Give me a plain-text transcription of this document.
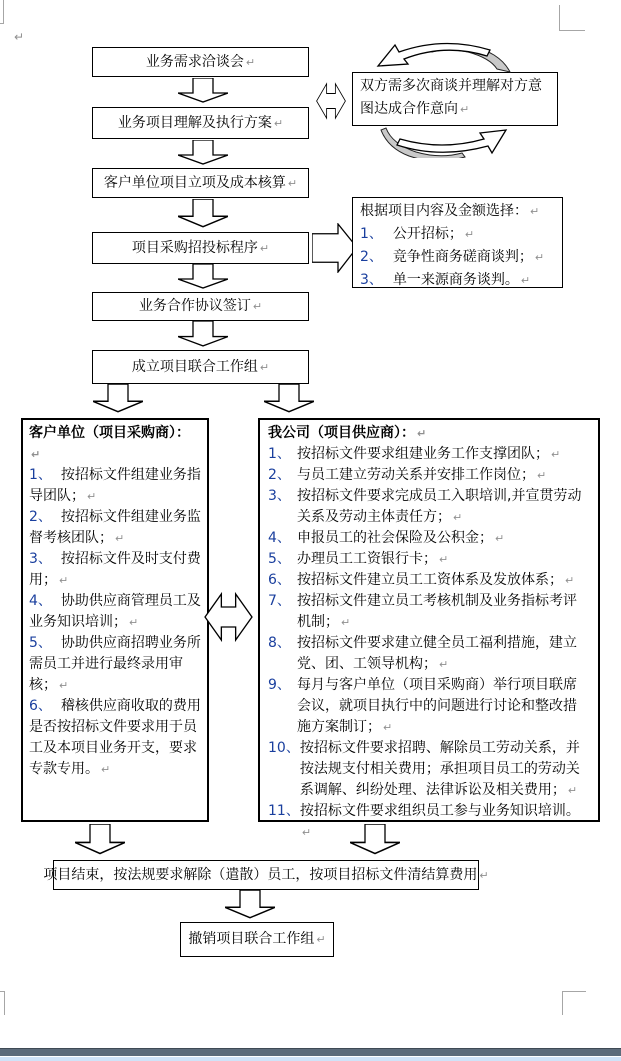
↵
业务需求洽谈会 ↵
业务项目理解及执行方案 ↵
客户单位项目立项及成本核算 ↵
项目采购招投标程序 ↵
业务合作协议签订 ↵
成立项目联合工作组 ↵
双方需多次商谈并理解对方意图达成合作意向 ↵
根据项目内容及金额选择： ↵
1、 公开招标； ↵
2、 竞争性商务磋商谈判； ↵
3、 单一来源商务谈判。 ↵
客户单位（项目采购商）：↵
1、 按招标文件组建业务指导团队； ↵
2、 按招标文件组建业务监督考核团队； ↵
3、 按招标文件及时支付费用； ↵
4、 协助供应商管理员工及业务知识培训； ↵
5、 协助供应商招聘业务所需员工并进行最终录用审核； ↵
6、 稽核供应商收取的费用是否按招标文件要求用于员工及本项目业务开支，要求专款专用。 ↵
我公司（项目供应商）： ↵
1、 按招标文件要求组建业务工作支撑团队； ↵
2、 与员工建立劳动关系并安排工作岗位； ↵
3、 按招标文件要求完成员工入职培训,并宣贯劳动关系及劳动主体责任方； ↵
4、 申报员工的社会保险及公积金； ↵
5、 办理员工工资银行卡； ↵
6、 按招标文件建立员工工资体系及发放体系； ↵
7、 按招标文件建立员工考核机制及业务指标考评机制； ↵
8、 按招标文件要求建立健全员工福利措施，建立党、团、工领导机构； ↵
9、 每月与客户单位（项目采购商）举行项目联席会议，就项目执行中的问题进行讨论和整改措施方案制订； ↵
10、 按招标文件要求招聘、解除员工劳动关系，并按法规支付相关费用；承担项目员工的劳动关系调解、纠纷处理、法律诉讼及相关费用； ↵
11、 按招标文件要求组织员工参与业务知识培训。↵
项目结束，按法规要求解除（遣散）员工，按项目招标文件清结算费用 ↵
撤销项目联合工作组 ↵
